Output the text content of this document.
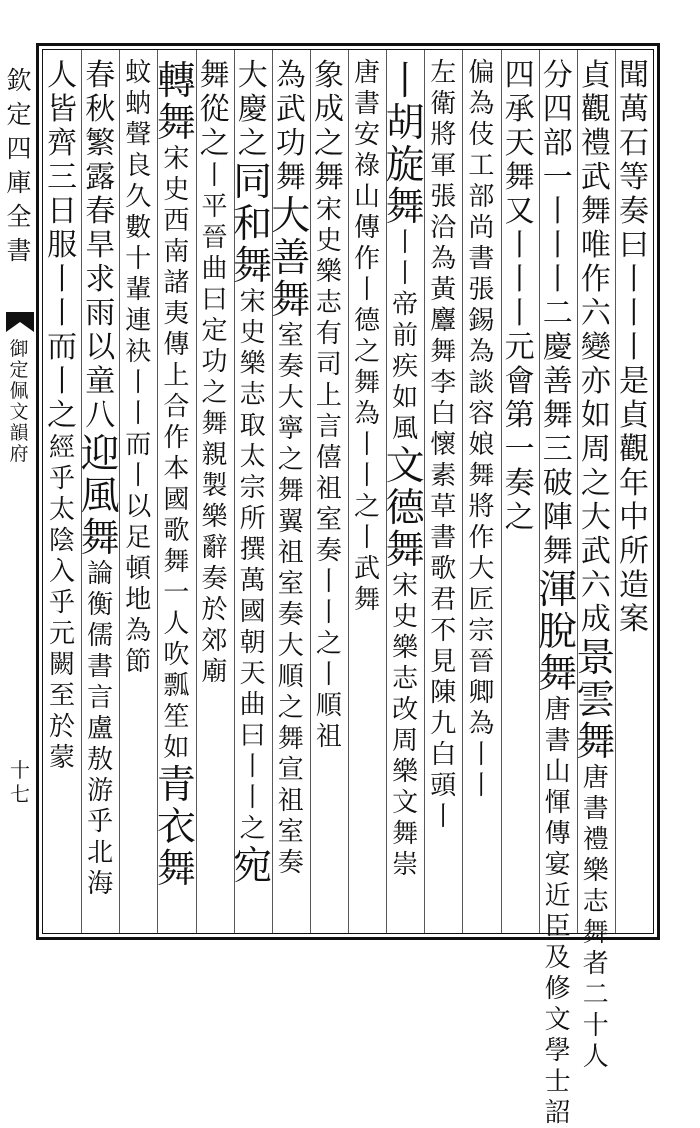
欽
定
四
庫
全
書
御
定
佩
文
韻
府
十
七
聞
萬
石
等
奏
曰
丨
丨
丨
是
貞
觀
年
中
所
造
案
貞
觀
禮
武
舞
唯
作
六
變
亦
如
周
之
大
武
六
成
景
雲
舞
唐
書
禮
樂
志
舞
者
二
十
人
分
四
部
一
丨
丨
丨
二
慶
善
舞
三
破
陣
舞
渾
脫
舞
唐
書
山
惲
傳
宴
近
臣
及
修
文
學
士
詔
四
承
天
舞
又
丨
丨
丨
元
會
第
一
奏
之
偏
為
伎
工
部
尚
書
張
錫
為
談
容
娘
舞
將
作
大
匠
宗
晉
卿
為
丨
丨
左
衛
將
軍
張
洽
為
黃
麞
舞
李
白
懷
素
草
書
歌
君
不
見
陳
九
白
頭
丨
丨
胡
旋
舞
丨
丨
帝
前
疾
如
風
文
德
舞
宋
史
樂
志
改
周
樂
文
舞
崇
唐
書
安
祿
山
傳
作
丨
德
之
舞
為
丨
丨
之
丨
武
舞
象
成
之
舞
宋
史
樂
志
有
司
上
言
僖
祖
室
奏
丨
丨
之
丨
順
祖
為
武
功
舞
大
善
舞
室
奏
大
寧
之
舞
翼
祖
室
奏
大
順
之
舞
宣
祖
室
奏
大
慶
之
同
和
舞
宋
史
樂
志
取
太
宗
所
撰
萬
國
朝
天
曲
曰
丨
丨
之
宛
舞
從
之
丨
平
晉
曲
曰
定
功
之
舞
親
製
樂
辭
奏
於
郊
廟
轉
舞
宋
史
西
南
諸
夷
傳
上
合
作
本
國
歌
舞
一
人
吹
瓢
笙
如
青
衣
舞
蚊
蚋
聲
良
久
數
十
輩
連
袂
丨
丨
而
丨
以
足
頓
地
為
節
春
秋
繁
露
春
旱
求
雨
以
童
八
迎
風
舞
論
衡
儒
書
言
盧
敖
游
乎
北
海
人
皆
齊
三
日
服
丨
丨
而
丨
之
經
乎
太
陰
入
乎
元
闕
至
於
蒙
